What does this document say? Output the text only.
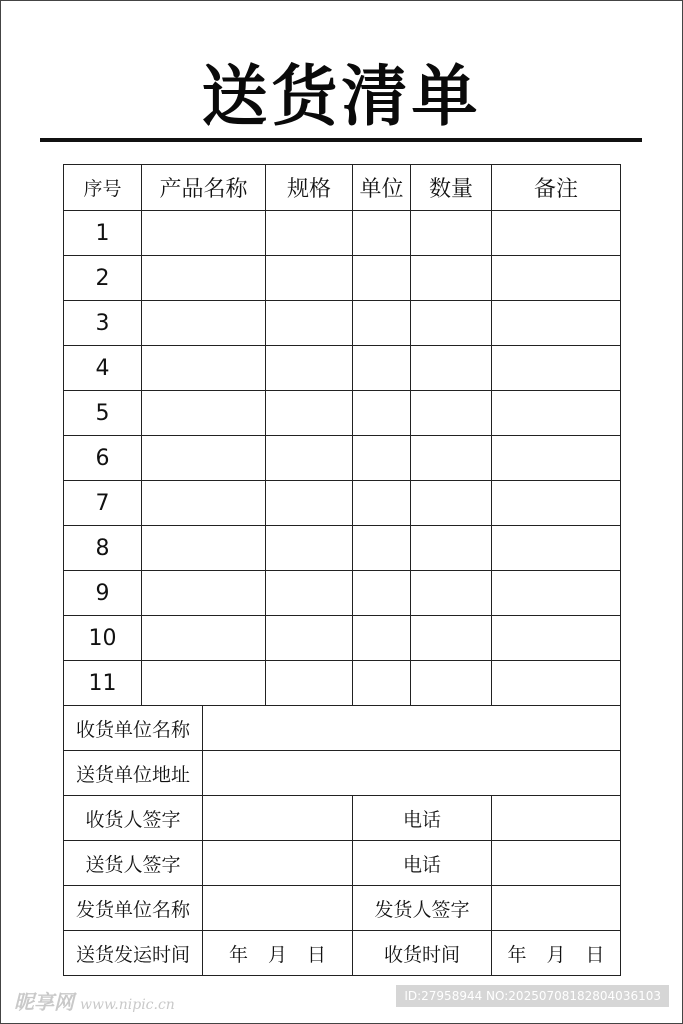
送货清单
序号	产品名称		规格	单位	数量	备注
1						
2						
3						
4						
5						
6						
7						
8						
9						
10						
11						
收货单位名称						
送货单位地址						
收货人签字				电话		
送货人签字				电话		
发货单位名称				发货人签字		
送货发运时间		年 月 日		收货时间		年 月 日
昵享网 www.nipic.cn
ID:27958944 NO:20250708182804036103
